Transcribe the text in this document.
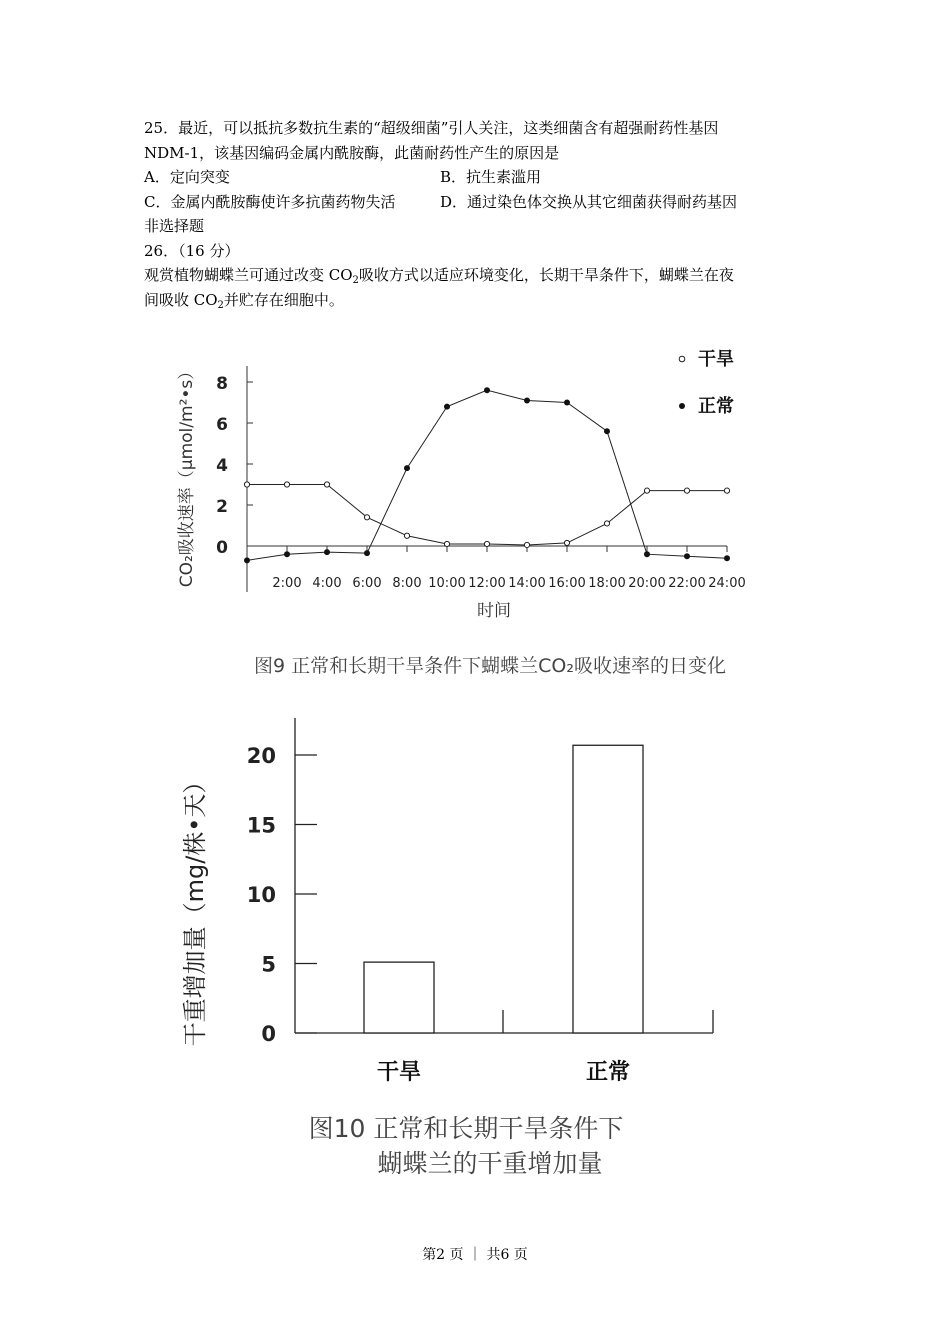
25．最近，可以抵抗多数抗生素的“超级细菌”引人关注，这类细菌含有超强耐药性基因
NDM-1，该基因编码金属内酰胺酶，此菌耐药性产生的原因是
A．定向突变	B．抗生素滥用
C．金属内酰胺酶使许多抗菌药物失活	D．通过染色体交换从其它细菌获得耐药基因
非选择题
26．（16 分）
观赏植物蝴蝶兰可通过改变 $CO_2$吸收方式以适应环境变化，长期干旱条件下，蝴蝶兰在夜
间吸收 $CO_2$并贮存在细胞中。
8
6
4
2
0
2:00 4:00 6:00 8:00 10:00 12:00 14:00 16:00 18:00 20:00 22:00 24:00
CO₂吸收速率（μmol/m²•s）
时间
干旱
正常
图9 正常和长期干旱条件下蝴蝶兰CO₂吸收速率的日变化
20
15
10
5
0
干旱	正常
干重增加量（mg/株•天）
图10 正常和长期干旱条件下
蝴蝶兰的干重增加量
第2 页 ｜ 共6 页
